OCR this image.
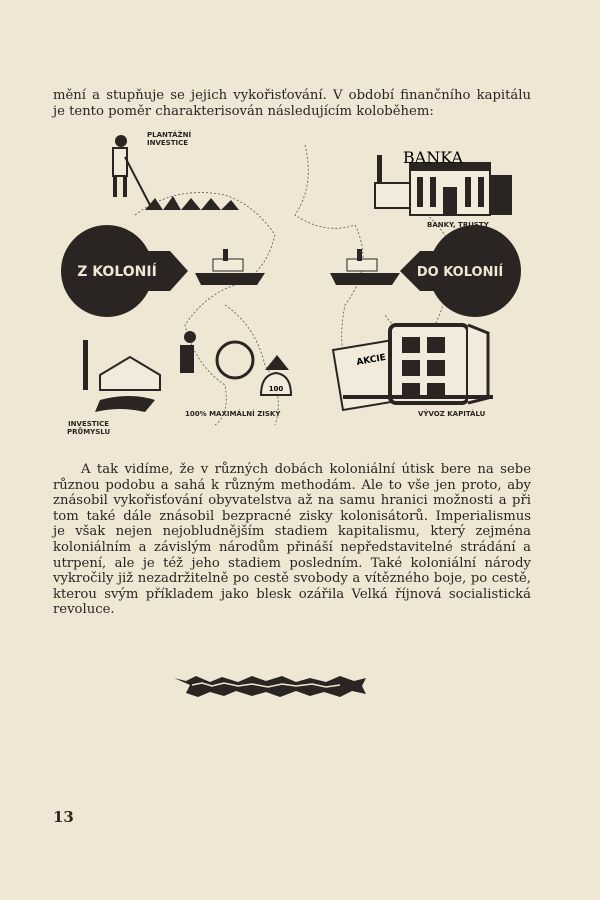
mění a stupňuje se jejich vykořisťování. V období finančního kapitálu
je tento poměr charakterisován následujícím koloběhem:
Z KOLONIÍ	DO KOLONIÍ
100
AKCIE
BANKA
PLANTÁŽNÍ
INVESTICE
BANKY, TRUSTY
INVESTICE
PRŮMYSLU
100% MAXIMÁLNÍ ZISKY	VÝVOZ KAPITÁLU
A tak vidíme, že v různých dobách koloniální útisk bere na sebe
různou podobu a sahá k různým methodám. Ale to vše jen proto, aby
znásobil vykořisťování obyvatelstva až na samu hranici možnosti a při
tom také dále znásobil bezpracné zisky kolonisátorů. Imperialismus
je však nejen nejobludnějším stadiem kapitalismu, který zejména
koloniálním a závislým národům přináší nepředstavitelné strádání a
utrpení, ale je též jeho stadiem posledním. Také koloniální národy
vykročily již nezadržitelně po cestě svobody a vítězného boje, po cestě,
kterou svým příkladem jako blesk ozářila Velká říjnová socialistická
revoluce.
13
